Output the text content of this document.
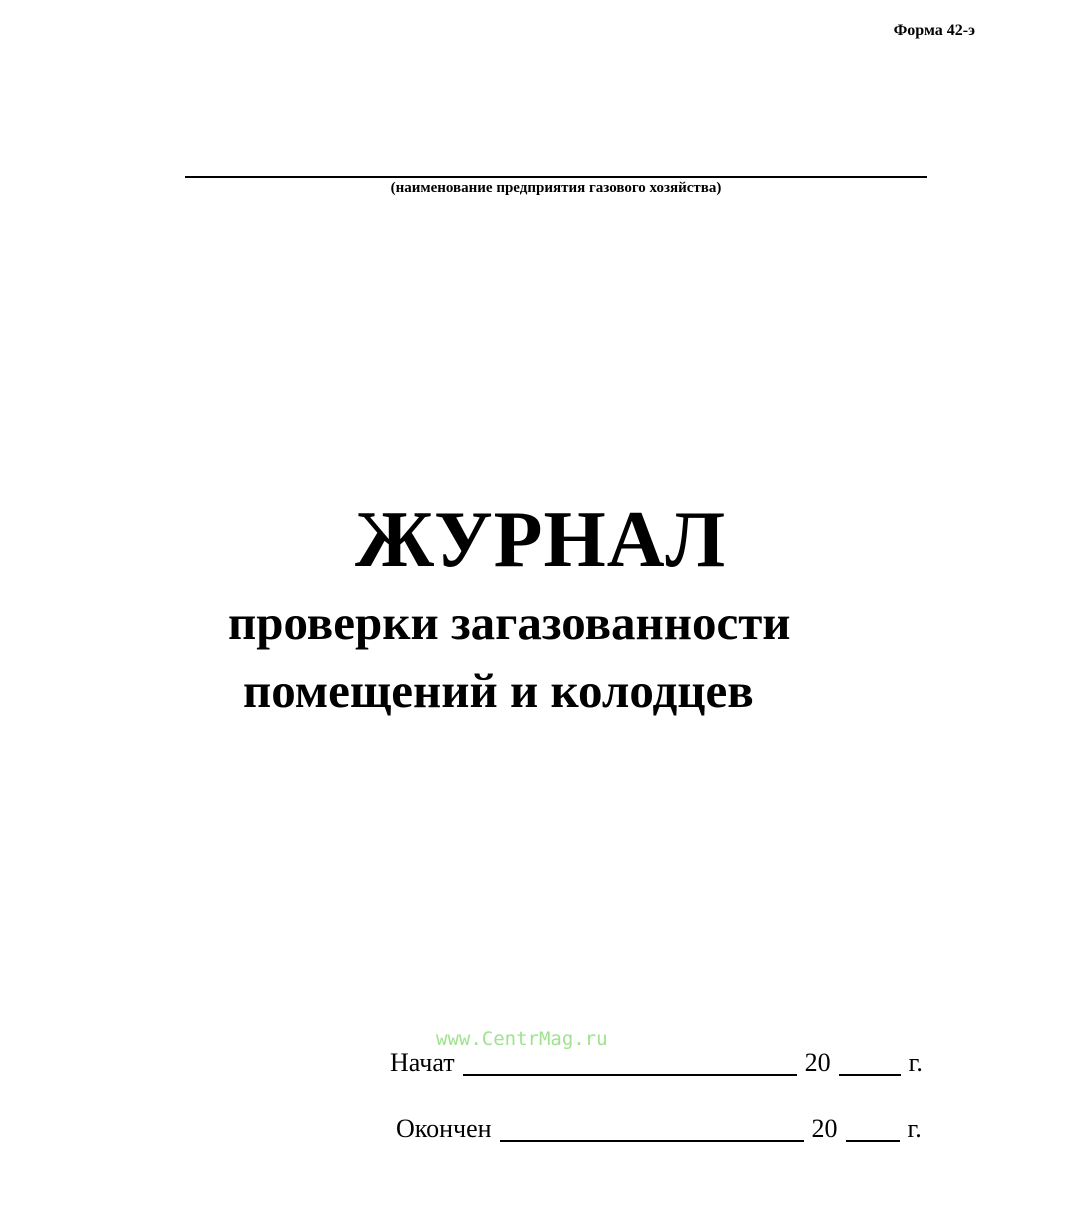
Форма 42-э
(наименование предприятия газового хозяйства)
ЖУРНАЛ
проверки загазованности
помещений и колодцев
www.CentrMag.ru
Начат	20	г.
Окончен	20	г.
